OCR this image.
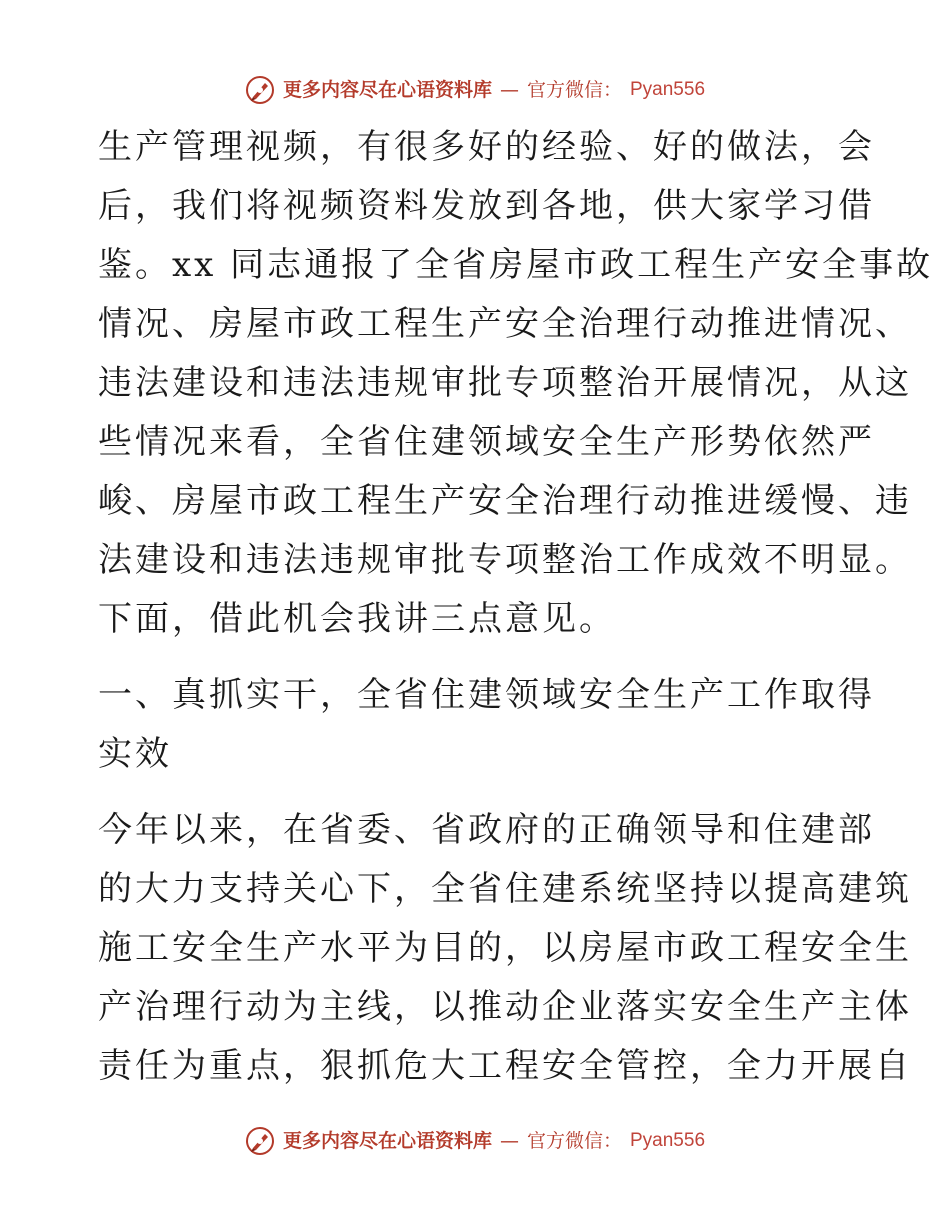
更多内容尽在心语资料库 — 官方微信： Pyan556
生产管理视频，有很多好的经验、好的做法，会
后，我们将视频资料发放到各地，供大家学习借
鉴。xx 同志通报了全省房屋市政工程生产安全事故
情况、房屋市政工程生产安全治理行动推进情况、
违法建设和违法违规审批专项整治开展情况，从这
些情况来看，全省住建领域安全生产形势依然严
峻、房屋市政工程生产安全治理行动推进缓慢、违
法建设和违法违规审批专项整治工作成效不明显。
下面，借此机会我讲三点意见。
一、真抓实干，全省住建领域安全生产工作取得
实效
今年以来，在省委、省政府的正确领导和住建部
的大力支持关心下，全省住建系统坚持以提高建筑
施工安全生产水平为目的，以房屋市政工程安全生
产治理行动为主线，以推动企业落实安全生产主体
责任为重点，狠抓危大工程安全管控，全力开展自
更多内容尽在心语资料库 — 官方微信： Pyan556
